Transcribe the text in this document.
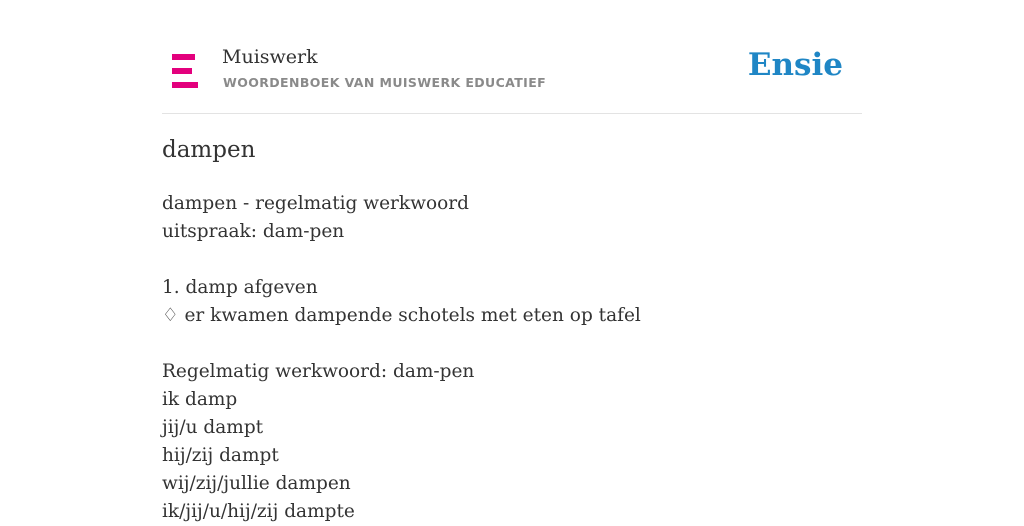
Muiswerk
WOORDENBOEK VAN MUISWERK EDUCATIEF	Ensie
dampen
dampen - regelmatig werkwoord
uitspraak: dam-pen
1. damp afgeven
♢ er kwamen dampende schotels met eten op tafel
Regelmatig werkwoord: dam-pen
ik damp
jij/u dampt
hij/zij dampt
wij/zij/jullie dampen
ik/jij/u/hij/zij dampte
